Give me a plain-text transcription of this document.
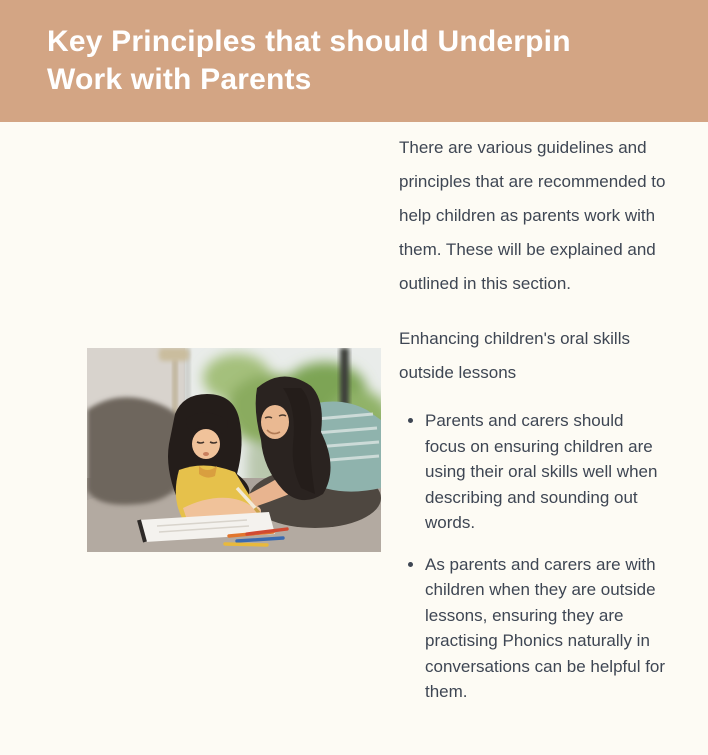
Key Principles that should Underpin Work with Parents

There are various guidelines and principles that are recommended to help children as parents work with them. These will be explained and outlined in this section.

Enhancing children's oral skills outside lessons

• Parents and carers should focus on ensuring children are using their oral skills well when describing and sounding out words.
• As parents and carers are with children when they are outside lessons, ensuring they are practising Phonics naturally in conversations can be helpful for them.
